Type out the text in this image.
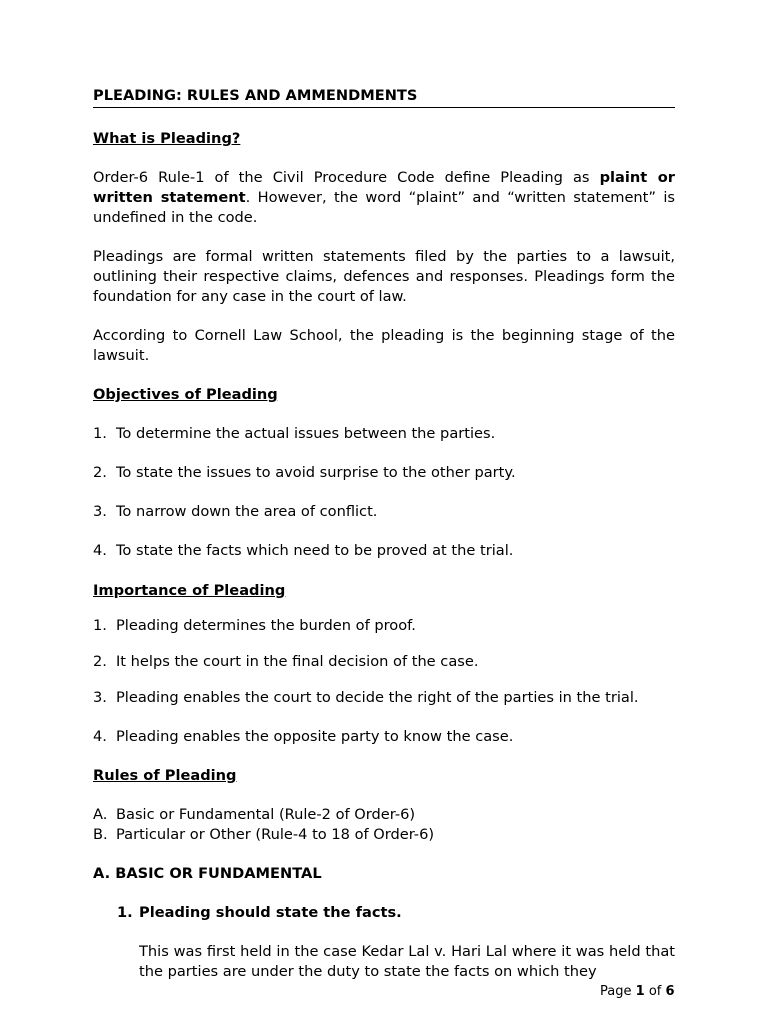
PLEADING: RULES AND AMMENDMENTS

What is Pleading?

Order-6 Rule-1 of the Civil Procedure Code define Pleading as plaint or written statement. However, the word “plaint” and “written statement” is undefined in the code.

Pleadings are formal written statements filed by the parties to a lawsuit, outlining their respective claims, defences and responses. Pleadings form the foundation for any case in the court of law.

According to Cornell Law School, the pleading is the beginning stage of the lawsuit.

Objectives of Pleading

1. To determine the actual issues between the parties.
2. To state the issues to avoid surprise to the other party.
3. To narrow down the area of conflict.
4. To state the facts which need to be proved at the trial.

Importance of Pleading

1. Pleading determines the burden of proof.
2. It helps the court in the final decision of the case.
3. Pleading enables the court to decide the right of the parties in the trial.
4. Pleading enables the opposite party to know the case.

Rules of Pleading

A. Basic or Fundamental (Rule-2 of Order-6)
B. Particular or Other (Rule-4 to 18 of Order-6)

A. BASIC OR FUNDAMENTAL

1. Pleading should state the facts.

This was first held in the case Kedar Lal v. Hari Lal where it was held that the parties are under the duty to state the facts on which they

Page 1 of 6
